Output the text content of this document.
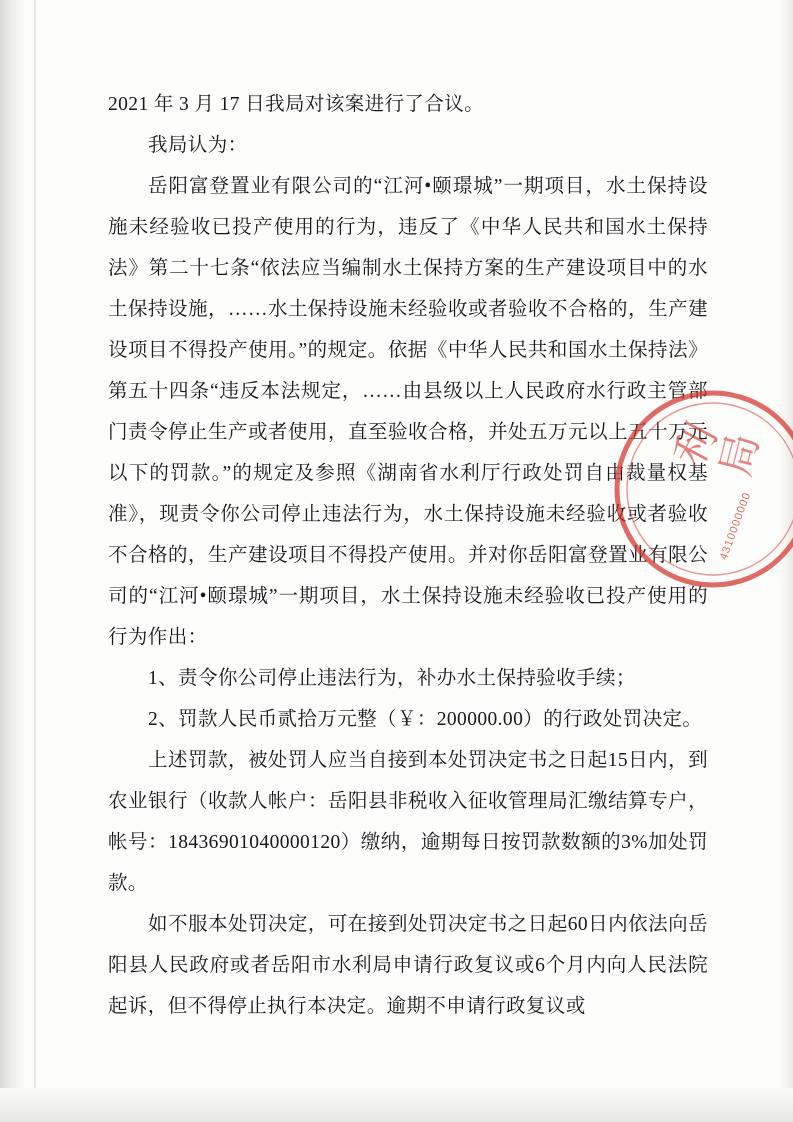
2021 年 3 月 17 日我局对该案进行了合议。

我局认为：

岳阳富登置业有限公司的“江河•颐璟城”一期项目，水土保持设施未经验收已投产使用的行为，违反了《中华人民共和国水土保持法》第二十七条“依法应当编制水土保持方案的生产建设项目中的水土保持设施，……水土保持设施未经验收或者验收不合格的，生产建设项目不得投产使用。”的规定。依据《中华人民共和国水土保持法》第五十四条“违反本法规定，……由县级以上人民政府水行政主管部门责令停止生产或者使用，直至验收合格，并处五万元以上五十万元以下的罚款。”的规定及参照《湖南省水利厅行政处罚自由裁量权基准》，现责令你公司停止违法行为，水土保持设施未经验收或者验收不合格的，生产建设项目不得投产使用。并对你岳阳富登置业有限公司的“江河•颐璟城”一期项目，水土保持设施未经验收已投产使用的行为作出：

1、责令你公司停止违法行为，补办水土保持验收手续；

2、罚款人民币贰拾万元整（￥：200000.00）的行政处罚决定。

上述罚款，被处罚人应当自接到本处罚决定书之日起15日内，到农业银行（收款人帐户：岳阳县非税收入征收管理局汇缴结算专户，帐号：18436901040000120）缴纳，逾期每日按罚款数额的3%加处罚款。

如不服本处罚决定，可在接到处罚决定书之日起60日内依法向岳阳县人民政府或者岳阳市水利局申请行政复议或6个月内向人民法院起诉，但不得停止执行本决定。逾期不申请行政复议或

利
局
4310000000
